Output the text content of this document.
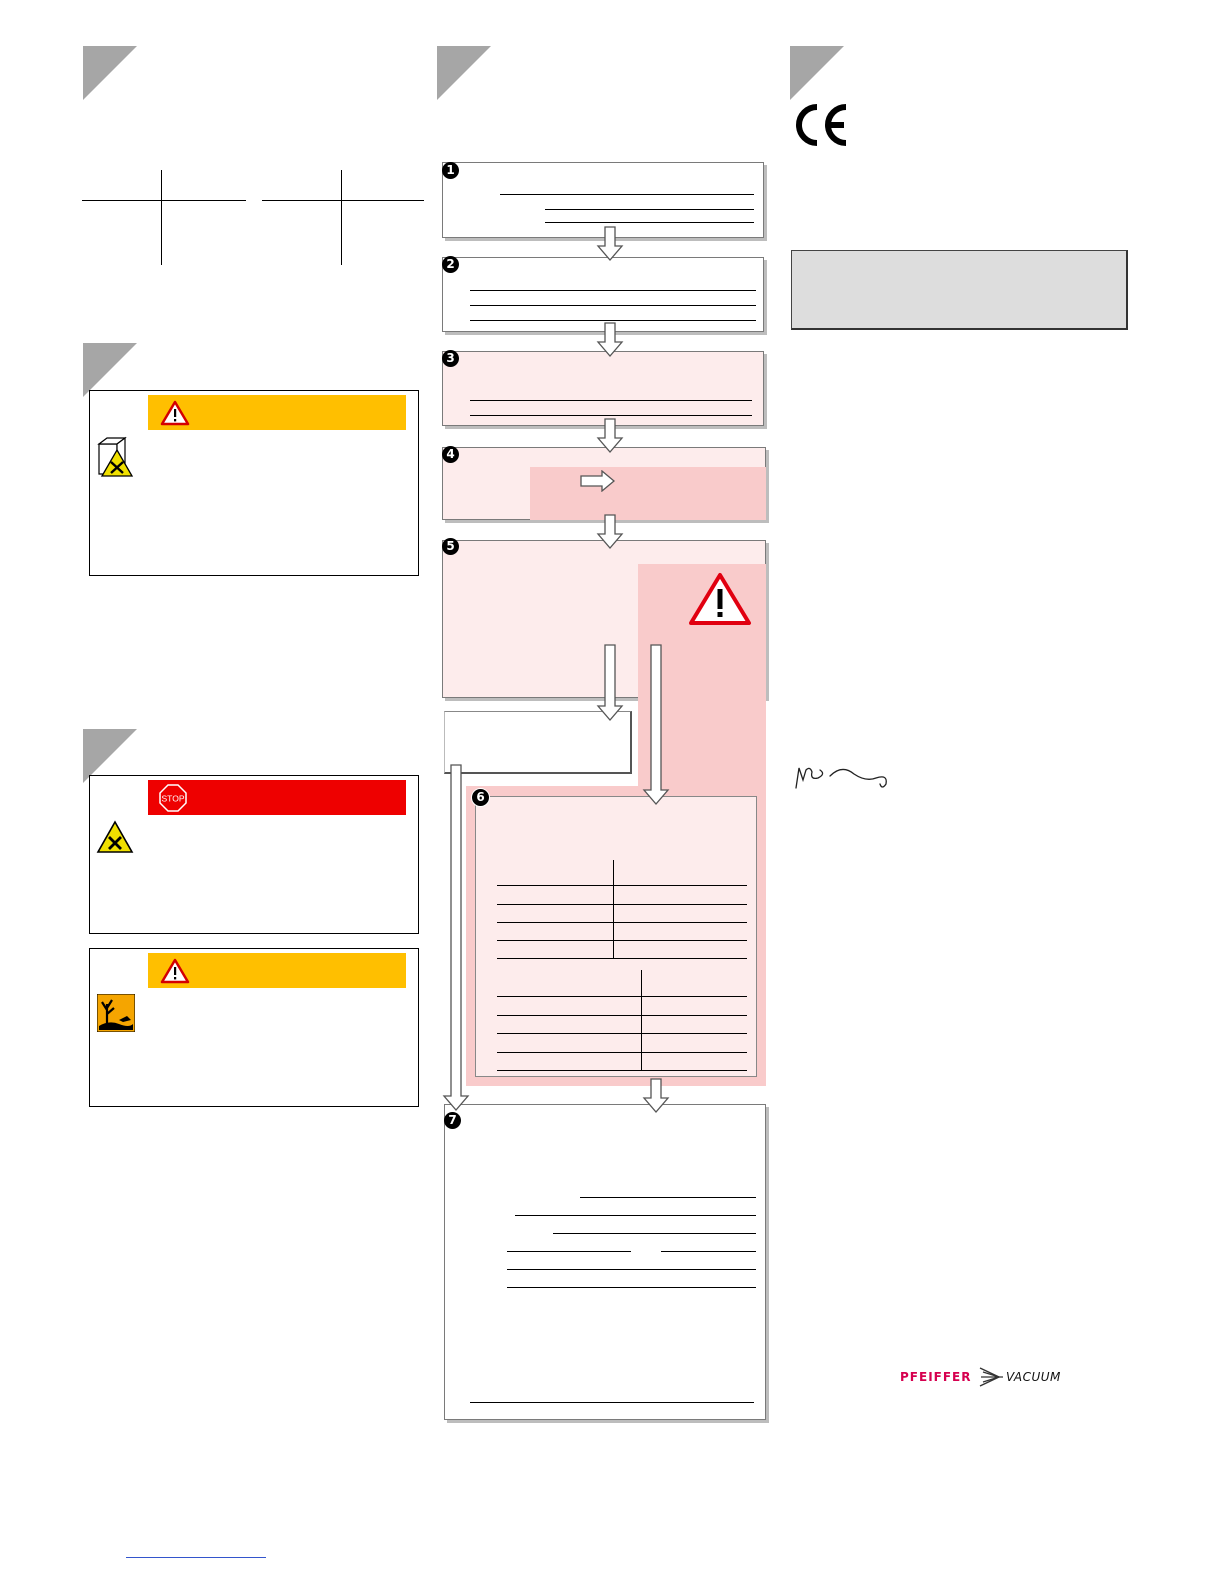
STOP
1
2
3
4
5
6
7
PFEIFFER	VACUUM
